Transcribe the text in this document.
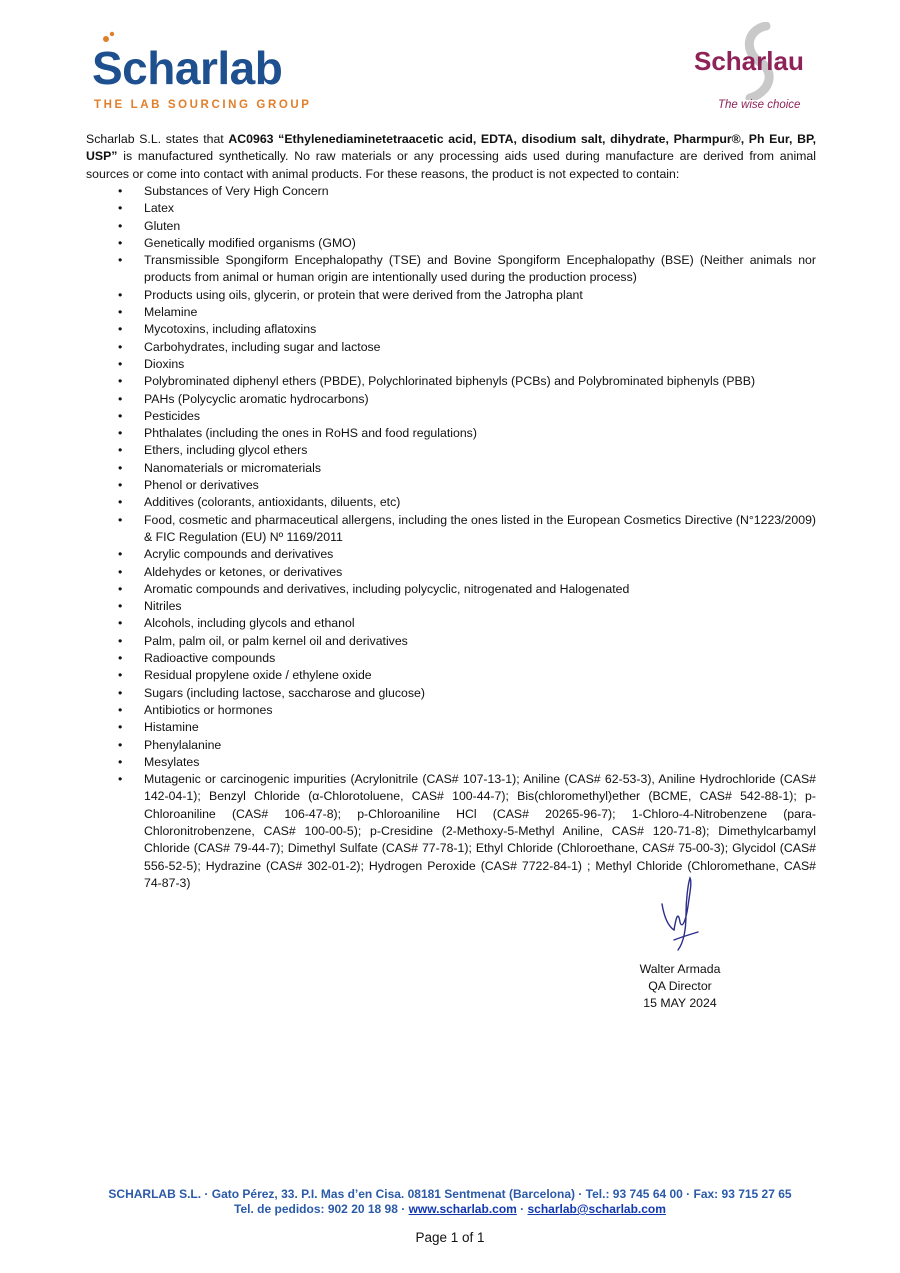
Scharlab
THE LAB SOURCING GROUP
Scharlau
The wise choice
Scharlab S.L. states that AC0963 “Ethylenediaminetetraacetic acid, EDTA, disodium salt, dihydrate, Pharmpur®, Ph Eur, BP, USP” is manufactured synthetically. No raw materials or any processing aids used during manufacture are derived from animal sources or come into contact with animal products. For these reasons, the product is not expected to contain:
• Substances of Very High Concern
• Latex
• Gluten
• Genetically modified organisms (GMO)
• Transmissible Spongiform Encephalopathy (TSE) and Bovine Spongiform Encephalopathy (BSE) (Neither animals nor products from animal or human origin are intentionally used during the production process)
• Products using oils, glycerin, or protein that were derived from the Jatropha plant
• Melamine
• Mycotoxins, including aflatoxins
• Carbohydrates, including sugar and lactose
• Dioxins
• Polybrominated diphenyl ethers (PBDE), Polychlorinated biphenyls (PCBs) and Polybrominated biphenyls (PBB)
• PAHs (Polycyclic aromatic hydrocarbons)
• Pesticides
• Phthalates (including the ones in RoHS and food regulations)
• Ethers, including glycol ethers
• Nanomaterials or micromaterials
• Phenol or derivatives
• Additives (colorants, antioxidants, diluents, etc)
• Food, cosmetic and pharmaceutical allergens, including the ones listed in the European Cosmetics Directive (N°1223/2009) & FIC Regulation (EU) Nº 1169/2011
• Acrylic compounds and derivatives
• Aldehydes or ketones, or derivatives
• Aromatic compounds and derivatives, including polycyclic, nitrogenated and Halogenated
• Nitriles
• Alcohols, including glycols and ethanol
• Palm, palm oil, or palm kernel oil and derivatives
• Radioactive compounds
• Residual propylene oxide / ethylene oxide
• Sugars (including lactose, saccharose and glucose)
• Antibiotics or hormones
• Histamine
• Phenylalanine
• Mesylates
• Mutagenic or carcinogenic impurities (Acrylonitrile (CAS# 107-13-1); Aniline (CAS# 62-53-3), Aniline Hydrochloride (CAS# 142-04-1); Benzyl Chloride (α-Chlorotoluene, CAS# 100-44-7); Bis(chloromethyl)ether (BCME, CAS# 542-88-1); p-Chloroaniline (CAS# 106-47-8); p-Chloroaniline HCl (CAS# 20265-96-7); 1-Chloro-4-Nitrobenzene (para-Chloronitrobenzene, CAS# 100-00-5); p-Cresidine (2-Methoxy-5-Methyl Aniline, CAS# 120-71-8); Dimethylcarbamyl Chloride (CAS# 79-44-7); Dimethyl Sulfate (CAS# 77-78-1); Ethyl Chloride (Chloroethane, CAS# 75-00-3); Glycidol (CAS# 556-52-5); Hydrazine (CAS# 302-01-2); Hydrogen Peroxide (CAS# 7722-84-1) ; Methyl Chloride (Chloromethane, CAS# 74-87-3)
Walter Armada
QA Director
15 MAY 2024
SCHARLAB S.L. · Gato Pérez, 33. P.I. Mas d’en Cisa. 08181 Sentmenat (Barcelona) · Tel.: 93 745 64 00 · Fax: 93 715 27 65
Tel. de pedidos: 902 20 18 98 · www.scharlab.com · scharlab@scharlab.com
Page 1 of 1
